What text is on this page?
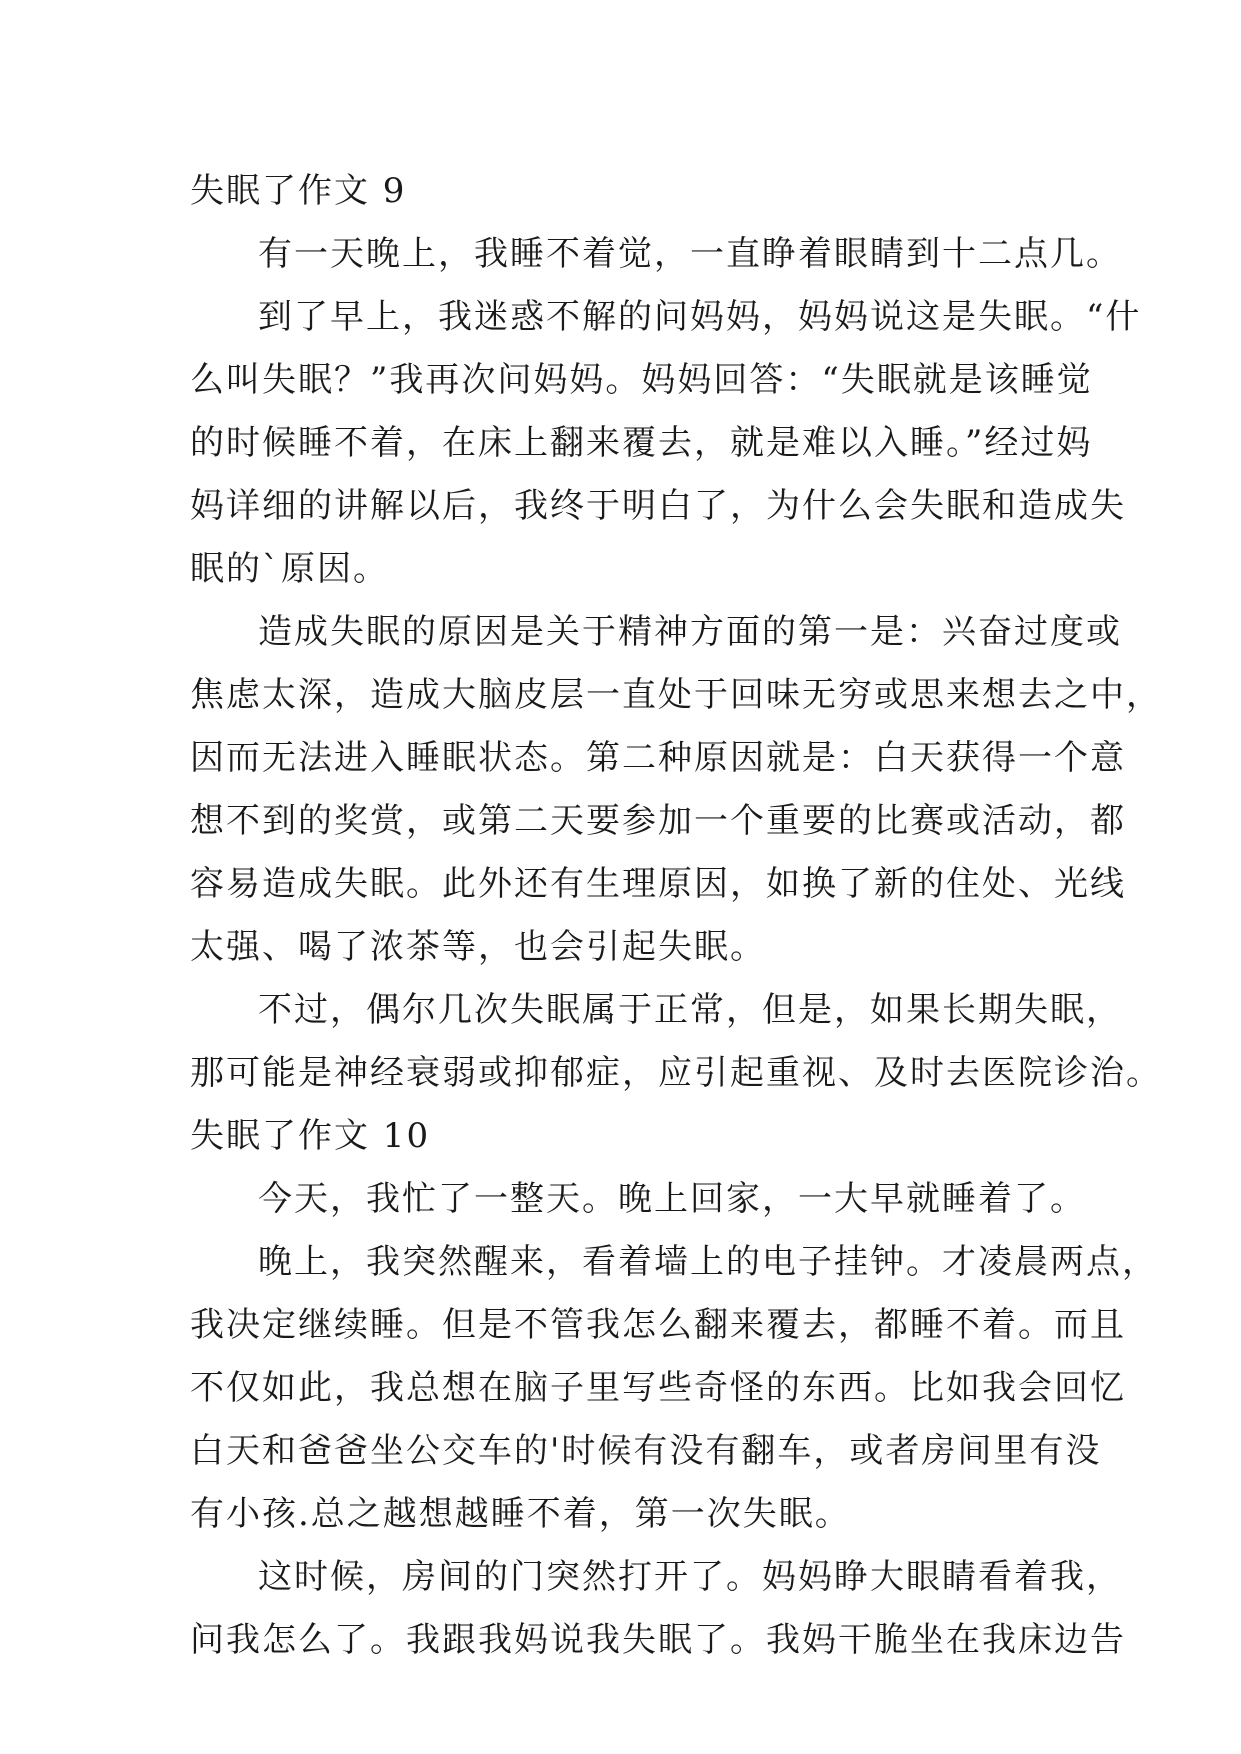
失眠了作文 9
有一天晚上，我睡不着觉，一直睁着眼睛到十二点几。
到了早上，我迷惑不解的问妈妈，妈妈说这是失眠。“什
么叫失眠？”我再次问妈妈。妈妈回答：“失眠就是该睡觉
的时候睡不着，在床上翻来覆去，就是难以入睡。”经过妈
妈详细的讲解以后，我终于明白了，为什么会失眠和造成失
眠的`原因。
造成失眠的原因是关于精神方面的第一是：兴奋过度或
焦虑太深，造成大脑皮层一直处于回味无穷或思来想去之中，
因而无法进入睡眠状态。第二种原因就是：白天获得一个意
想不到的奖赏，或第二天要参加一个重要的比赛或活动，都
容易造成失眠。此外还有生理原因，如换了新的住处、光线
太强、喝了浓茶等，也会引起失眠。
不过，偶尔几次失眠属于正常，但是，如果长期失眠，
那可能是神经衰弱或抑郁症，应引起重视、及时去医院诊治。
失眠了作文 10
今天，我忙了一整天。晚上回家，一大早就睡着了。
晚上，我突然醒来，看着墙上的电子挂钟。才凌晨两点，
我决定继续睡。但是不管我怎么翻来覆去，都睡不着。而且
不仅如此，我总想在脑子里写些奇怪的东西。比如我会回忆
白天和爸爸坐公交车的'时候有没有翻车，或者房间里有没
有小孩.总之越想越睡不着，第一次失眠。
这时候，房间的门突然打开了。妈妈睁大眼睛看着我，
问我怎么了。我跟我妈说我失眠了。我妈干脆坐在我床边告
